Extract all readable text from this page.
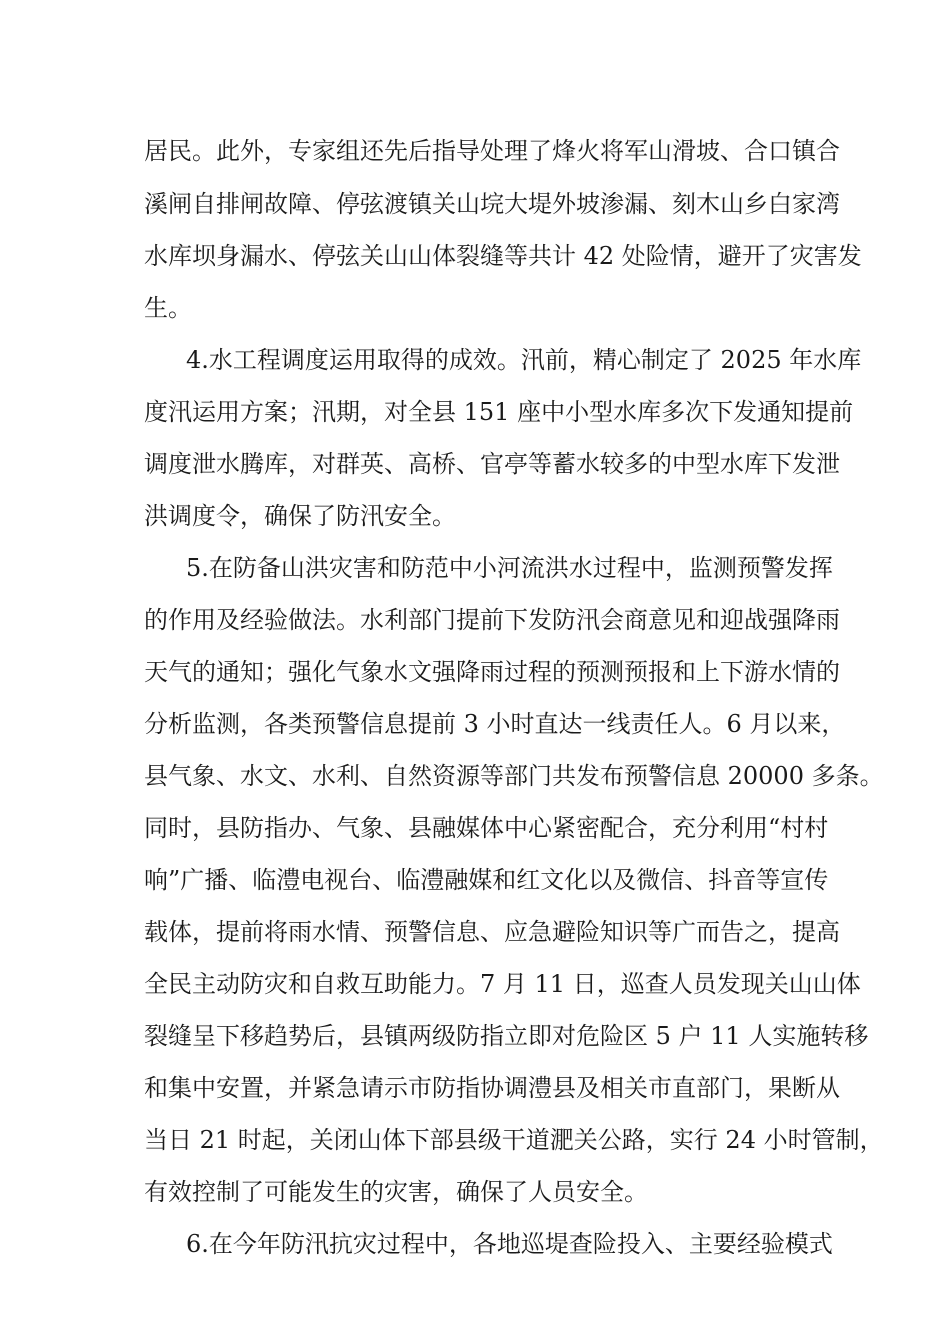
居民。此外，专家组还先后指导处理了烽火将军山滑坡、合口镇合
溪闸自排闸故障、停弦渡镇关山垸大堤外坡渗漏、刻木山乡白家湾
水库坝身漏水、停弦关山山体裂缝等共计 42 处险情，避开了灾害发
生。
4.水工程调度运用取得的成效。汛前，精心制定了 2025 年水库
度汛运用方案；汛期，对全县 151 座中小型水库多次下发通知提前
调度泄水腾库，对群英、高桥、官亭等蓄水较多的中型水库下发泄
洪调度令，确保了防汛安全。
5.在防备山洪灾害和防范中小河流洪水过程中，监测预警发挥
的作用及经验做法。水利部门提前下发防汛会商意见和迎战强降雨
天气的通知；强化气象水文强降雨过程的预测预报和上下游水情的
分析监测，各类预警信息提前 3 小时直达一线责任人。6 月以来，
县气象、水文、水利、自然资源等部门共发布预警信息 20000 多条。
同时，县防指办、气象、县融媒体中心紧密配合，充分利用“村村
响”广播、临澧电视台、临澧融媒和红文化以及微信、抖音等宣传
载体，提前将雨水情、预警信息、应急避险知识等广而告之，提高
全民主动防灾和自救互助能力。7 月 11 日，巡查人员发现关山山体
裂缝呈下移趋势后，县镇两级防指立即对危险区 5 户 11 人实施转移
和集中安置，并紧急请示市防指协调澧县及相关市直部门，果断从
当日 21 时起，关闭山体下部县级干道淝关公路，实行 24 小时管制，
有效控制了可能发生的灾害，确保了人员安全。
6.在今年防汛抗灾过程中，各地巡堤查险投入、主要经验模式
